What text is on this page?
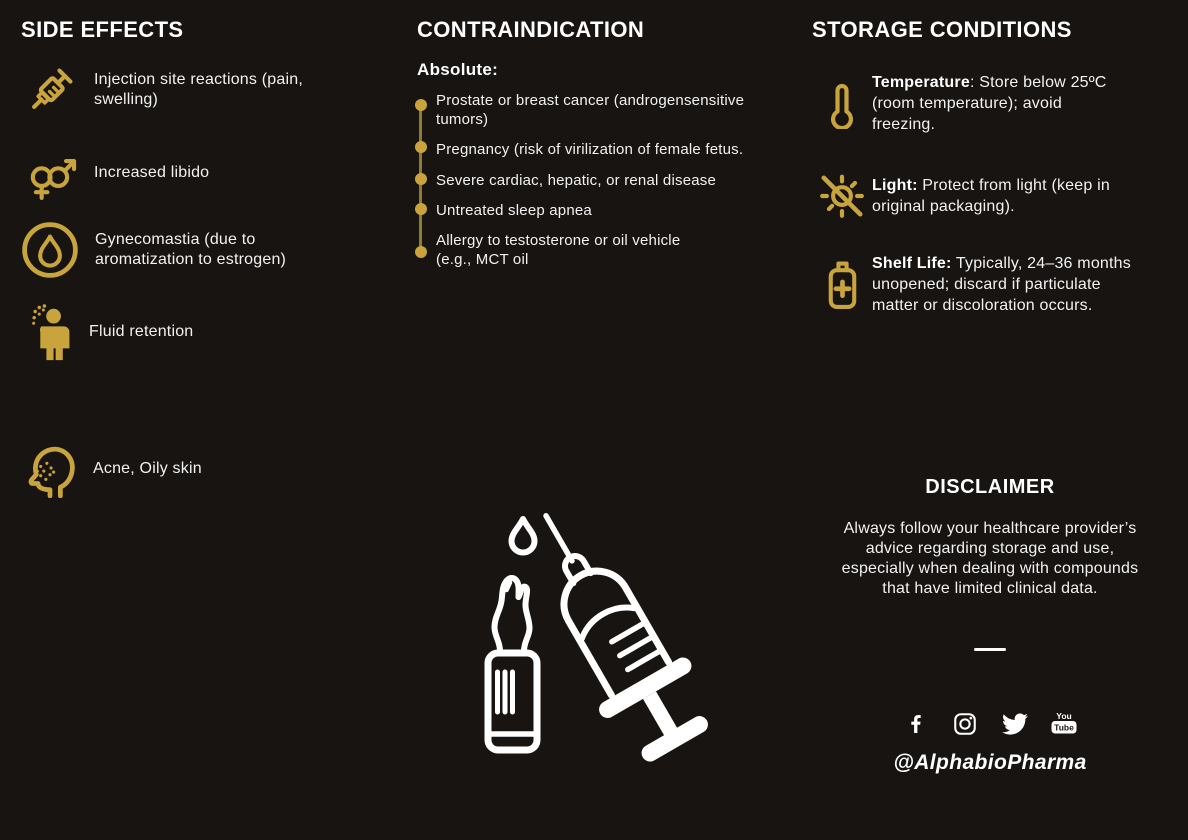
SIDE EFFECTS

Injection site reactions (pain, swelling)

Increased libido

Gynecomastia (due to aromatization to estrogen)

Fluid retention

Acne, Oily skin

CONTRAINDICATION
Absolute:

Prostate or breast cancer (androgensensitive tumors)

Pregnancy (risk of virilization of female fetus.

Severe cardiac, hepatic, or renal disease

Untreated sleep apnea

Allergy to testosterone or oil vehicle (e.g., MCT oil

STORAGE CONDITIONS

Temperature: Store below 25ºC (room temperature); avoid freezing.

Light: Protect from light (keep in original packaging).

Shelf Life: Typically, 24–36 months unopened; discard if particulate matter or discoloration occurs.

DISCLAIMER

Always follow your healthcare provider’s advice regarding storage and use, especially when dealing with compounds that have limited clinical data.

You
Tube

@AlphabioPharma
